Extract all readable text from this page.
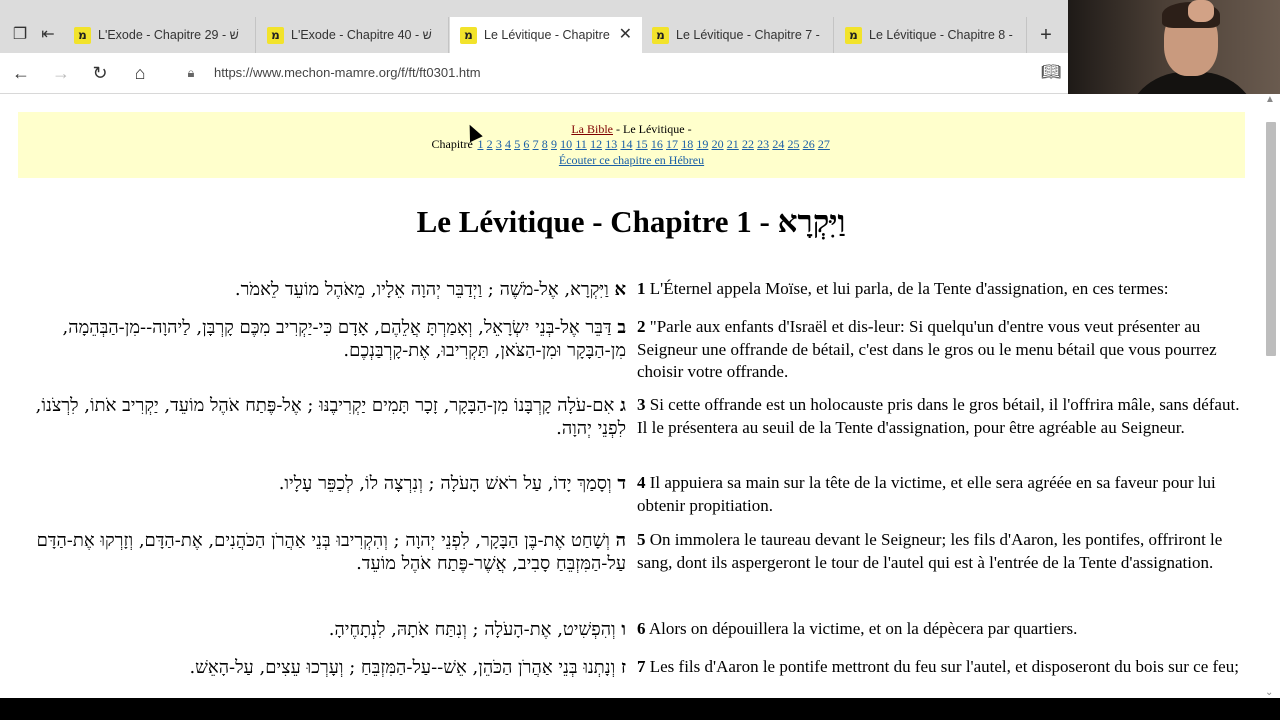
❐ ⇤	מ L'Exode - Chapitre 29 - שׁ	מ L'Exode - Chapitre 40 - שׁ	מ Le Lévitique - Chapitre ✕	מ Le Lévitique - Chapitre 7 -	מ Le Lévitique - Chapitre 8 -	+
←	→	↻	⌂	🔒︎	https://www.mechon-mamre.org/f/ft/ft0301.htm	📖︎
La Bible - Le Lévitique -
Chapitre 1 2 3 4 5 6 7 8 9 10 11 12 13 14 15 16 17 18 19 20 21 22 23 24 25 26 27
Écouter ce chapitre en Hébreu
Le Lévitique - Chapitre 1 - וַיִּקְרָא
א וַיִּקְרָא, אֶל-מֹשֶׁה ; וַיְדַבֵּר יְהוָה אֵלָיו, מֵאֹהֶל מוֹעֵד לֵאמֹר.	1 L'Éternel appela Moïse, et lui parla, de la Tente d'assignation, en ces termes:
ב דַּבֵּר אֶל-בְּנֵי יִשְׂרָאֵל, וְאָמַרְתָּ אֲלֵהֶם, אָדָם כִּי-יַקְרִיב מִכֶּם קָרְבָּן, לַיהוָה--מִן-הַבְּהֵמָה, מִן-הַבָּקָר וּמִן-הַצֹּאן, תַּקְרִיבוּ, אֶת-קָרְבַּנְכֶם.
2 "Parle aux enfants d'Israël et dis-leur: Si quelqu'un d'entre vous veut présenter au Seigneur une offrande de bétail, c'est dans le gros ou le menu bétail que vous pourrez choisir votre offrande.
ג אִם-עֹלָה קָרְבָּנוֹ מִן-הַבָּקָר, זָכָר תָּמִים יַקְרִיבֶנּוּ ; אֶל-פֶּתַח אֹהֶל מוֹעֵד, יַקְרִיב אֹתוֹ, לִרְצֹנוֹ, לִפְנֵי יְהוָה.
3 Si cette offrande est un holocauste pris dans le gros bétail, il l'offrira mâle, sans défaut. Il le présentera au seuil de la Tente d'assignation, pour être agréable au Seigneur.
ד וְסָמַךְ יָדוֹ, עַל רֹאשׁ הָעֹלָה ; וְנִרְצָה לוֹ, לְכַפֵּר עָלָיו.	4 Il appuiera sa main sur la tête de la victime, et elle sera agréée en sa faveur pour lui obtenir propitiation.
ה וְשָׁחַט אֶת-בֶּן הַבָּקָר, לִפְנֵי יְהוָה ; וְהִקְרִיבוּ בְּנֵי אַהֲרֹן הַכֹּהֲנִים, אֶת-הַדָּם, וְזָרְקוּ אֶת-הַדָּם עַל-הַמִּזְבֵּחַ סָבִיב, אֲשֶׁר-פֶּתַח אֹהֶל מוֹעֵד.
5 On immolera le taureau devant le Seigneur; les fils d'Aaron, les pontifes, offriront le sang, dont ils aspergeront le tour de l'autel qui est à l'entrée de la Tente d'assignation.
ו וְהִפְשִׁיט, אֶת-הָעֹלָה ; וְנִתַּח אֹתָהּ, לִנְתָחֶיהָ.	6 Alors on dépouillera la victime, et on la dépècera par quartiers.
ז וְנָתְנוּ בְּנֵי אַהֲרֹן הַכֹּהֵן, אֵשׁ--עַל-הַמִּזְבֵּחַ ; וְעָרְכוּ עֵצִים, עַל-הָאֵשׁ.	7 Les fils d'Aaron le pontife mettront du feu sur l'autel, et disposeront du bois sur ce feu;
▲
⌄
